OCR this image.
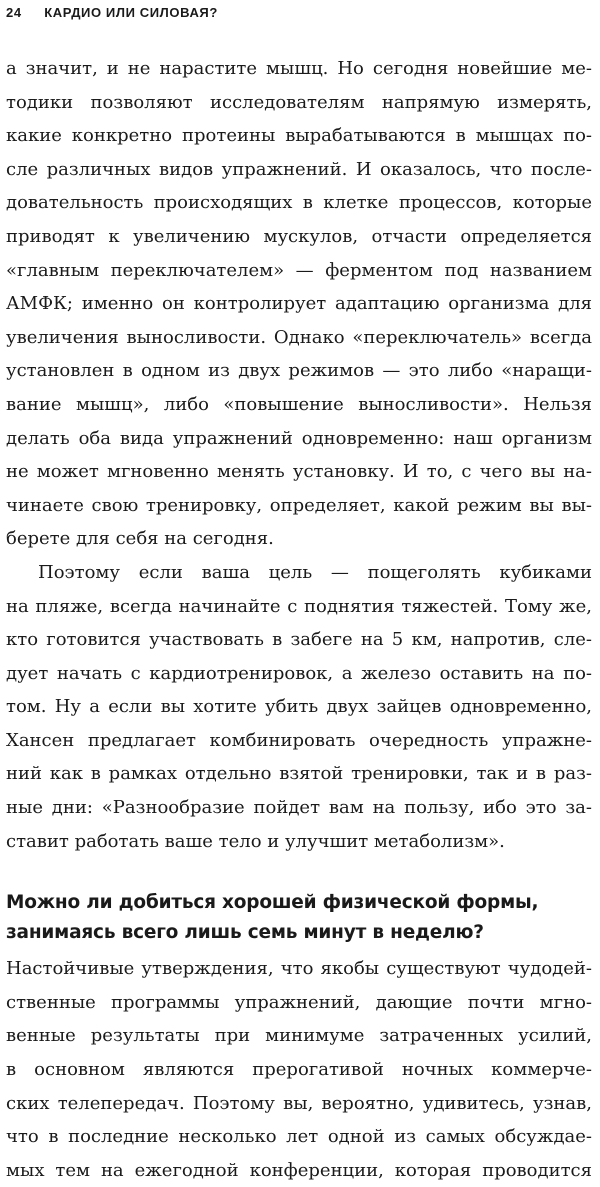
24 КАРДИО ИЛИ СИЛОВАЯ?

а значит, и не нарастите мышц. Но сегодня новейшие ме-
тодики позволяют исследователям напрямую измерять,
какие конкретно протеины вырабатываются в мышцах по-
сле различных видов упражнений. И оказалось, что после-
довательность происходящих в клетке процессов, которые
приводят к увеличению мускулов, отчасти определяется
«главным переключателем» — ферментом под названием
АМФК; именно он контролирует адаптацию организма для
увеличения выносливости. Однако «переключатель» всегда
установлен в одном из двух режимов — это либо «наращи-
вание мышц», либо «повышение выносливости». Нельзя
делать оба вида упражнений одновременно: наш организм
не может мгновенно менять установку. И то, с чего вы на-
чинаете свою тренировку, определяет, какой режим вы вы-
берете для себя на сегодня.

Поэтому если ваша цель — пощеголять кубиками
на пляже, всегда начинайте с поднятия тяжестей. Тому же,
кто готовится участвовать в забеге на 5 км, напротив, сле-
дует начать с кардиотренировок, а железо оставить на по-
том. Ну а если вы хотите убить двух зайцев одновременно,
Хансен предлагает комбинировать очередность упражне-
ний как в рамках отдельно взятой тренировки, так и в раз-
ные дни: «Разнообразие пойдет вам на пользу, ибо это за-
ставит работать ваше тело и улучшит метаболизм».

Можно ли добиться хорошей физической формы,
занимаясь всего лишь семь минут в неделю?

Настойчивые утверждения, что якобы существуют чудодей-
ственные программы упражнений, дающие почти мгно-
венные результаты при минимуме затраченных усилий,
в основном являются прерогативой ночных коммерче-
ских телепередач. Поэтому вы, вероятно, удивитесь, узнав,
что в последние несколько лет одной из самых обсуждае-
мых тем на ежегодной конференции, которая проводится
